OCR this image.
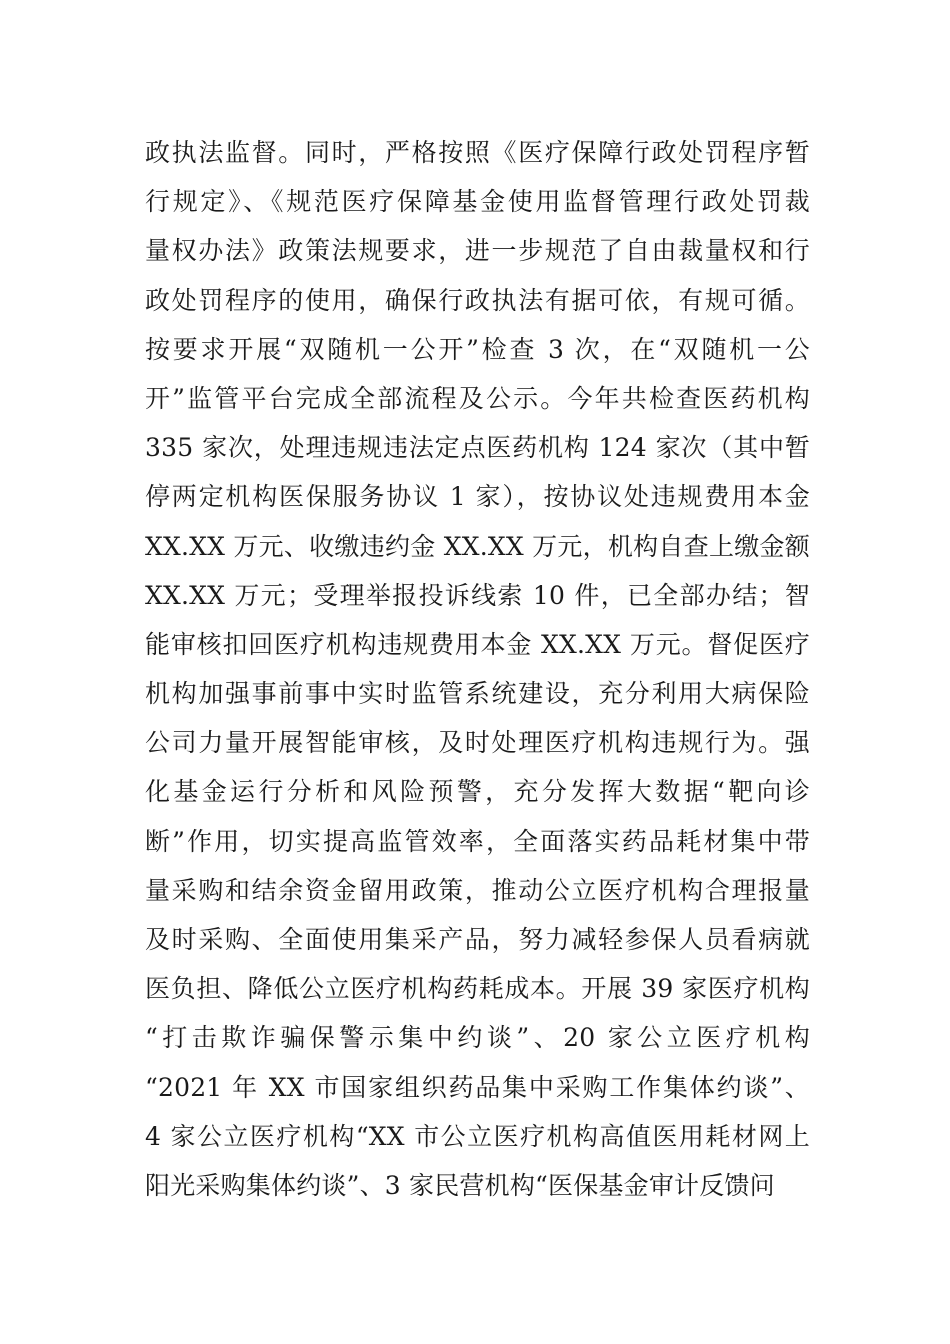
政执法监督。同时，严格按照《医疗保障行政处罚程序暂
行规定》、《规范医疗保障基金使用监督管理行政处罚裁
量权办法》政策法规要求，进一步规范了自由裁量权和行
政处罚程序的使用，确保行政执法有据可依，有规可循。
按要求开展“双随机一公开”检查 3 次，在“双随机一公
开”监管平台完成全部流程及公示。今年共检查医药机构
335 家次，处理违规违法定点医药机构 124 家次（其中暂
停两定机构医保服务协议 1 家），按协议处违规费用本金
XX.XX 万元、收缴违约金 XX.XX 万元，机构自查上缴金额
XX.XX 万元；受理举报投诉线索 10 件，已全部办结；智
能审核扣回医疗机构违规费用本金 XX.XX 万元。督促医疗
机构加强事前事中实时监管系统建设，充分利用大病保险
公司力量开展智能审核，及时处理医疗机构违规行为。强
化基金运行分析和风险预警，充分发挥大数据“靶向诊
断”作用，切实提高监管效率，全面落实药品耗材集中带
量采购和结余资金留用政策，推动公立医疗机构合理报量
及时采购、全面使用集采产品，努力减轻参保人员看病就
医负担、降低公立医疗机构药耗成本。开展 39 家医疗机构
“打击欺诈骗保警示集中约谈”、20 家公立医疗机构
“2021 年 XX 市国家组织药品集中采购工作集体约谈”、
4 家公立医疗机构“XX 市公立医疗机构高值医用耗材网上
阳光采购集体约谈”、3 家民营机构“医保基金审计反馈问
